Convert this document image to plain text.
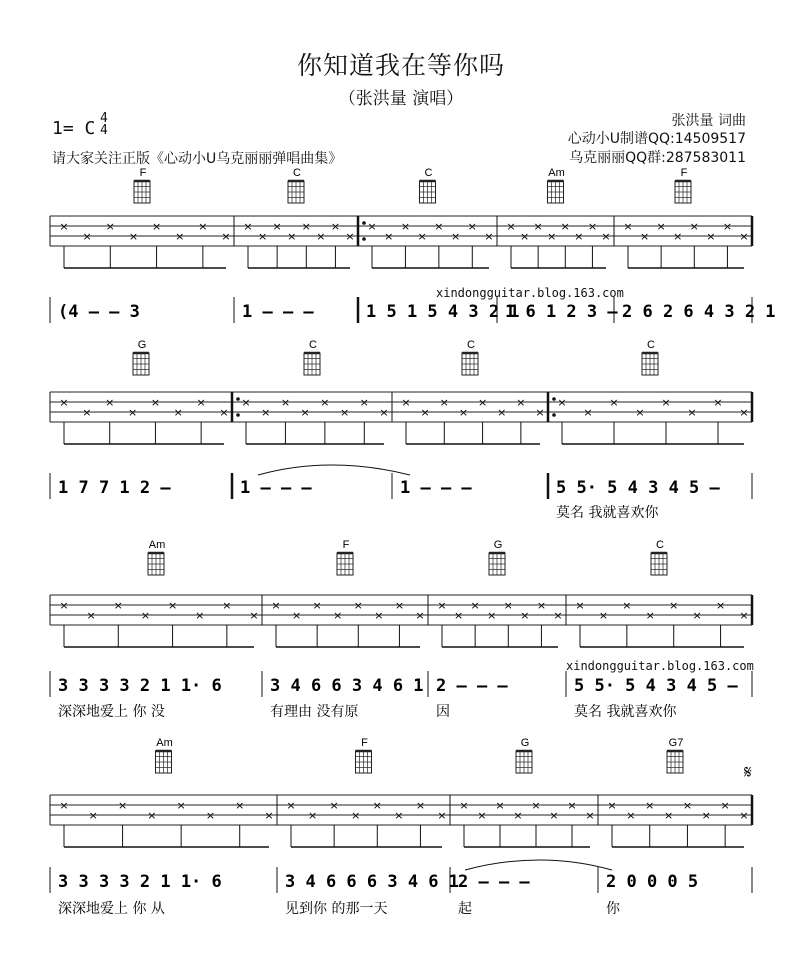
你知道我在等你吗
（张洪量 演唱）
1= C 4
4
请大家关注正版《心动小U乌克丽丽弹唱曲集》
张洪量 词曲
心动小U制谱QQ:14509517
乌克丽丽QQ群:287583011
xindongguitar.blog.163.com
xindongguitar.blog.163.com
×
×
×
×
×
×
×
×
F
(4 — — 3
×
×
×
×
×
×
×
×
C
1 — — —
×
×
×
×
×
×
×
×
C
1 5 1 5 4 3 2 1
×
×
×
×
×
×
×
×
Am
1 6 1 2 3 —
×
×
×
×
×
×
×
×
F
2 6 2 6 4 3 2 1
×
×
×
×
×
×
×
×
G
1 7 7 1 2 —
×
×
×
×
×
×
×
×
C
1 — — —
×
×
×
×
×
×
×
×
C
1 — — —
×
×
×
×
×
×
×
×
C
5 5· 5 4 3 4 5 —
莫名 我就喜欢你
×
×
×
×
×
×
×
×
Am
3 3 3 3 2 1 1· 6
深深地爱上 你 没
×
×
×
×
×
×
×
×
F
3 4 6 6 3 4 6 1
有理由 没有原
×
×
×
×
×
×
×
×
G
2 — — —
因
×
×
×
×
×
×
×
×
C
5 5· 5 4 3 4 5 —
莫名 我就喜欢你
×
×
×
×
×
×
×
×
Am
3 3 3 3 2 1 1· 6
深深地爱上 你 从
×
×
×
×
×
×
×
×
F
3 4 6 6 6 3 4 6 1
见到你 的那一天
×
×
×
×
×
×
×
×
G
2 — — —
起
×
×
×
×
×
×
×
×
G7
2 0 0 0 5
你
𝄋
